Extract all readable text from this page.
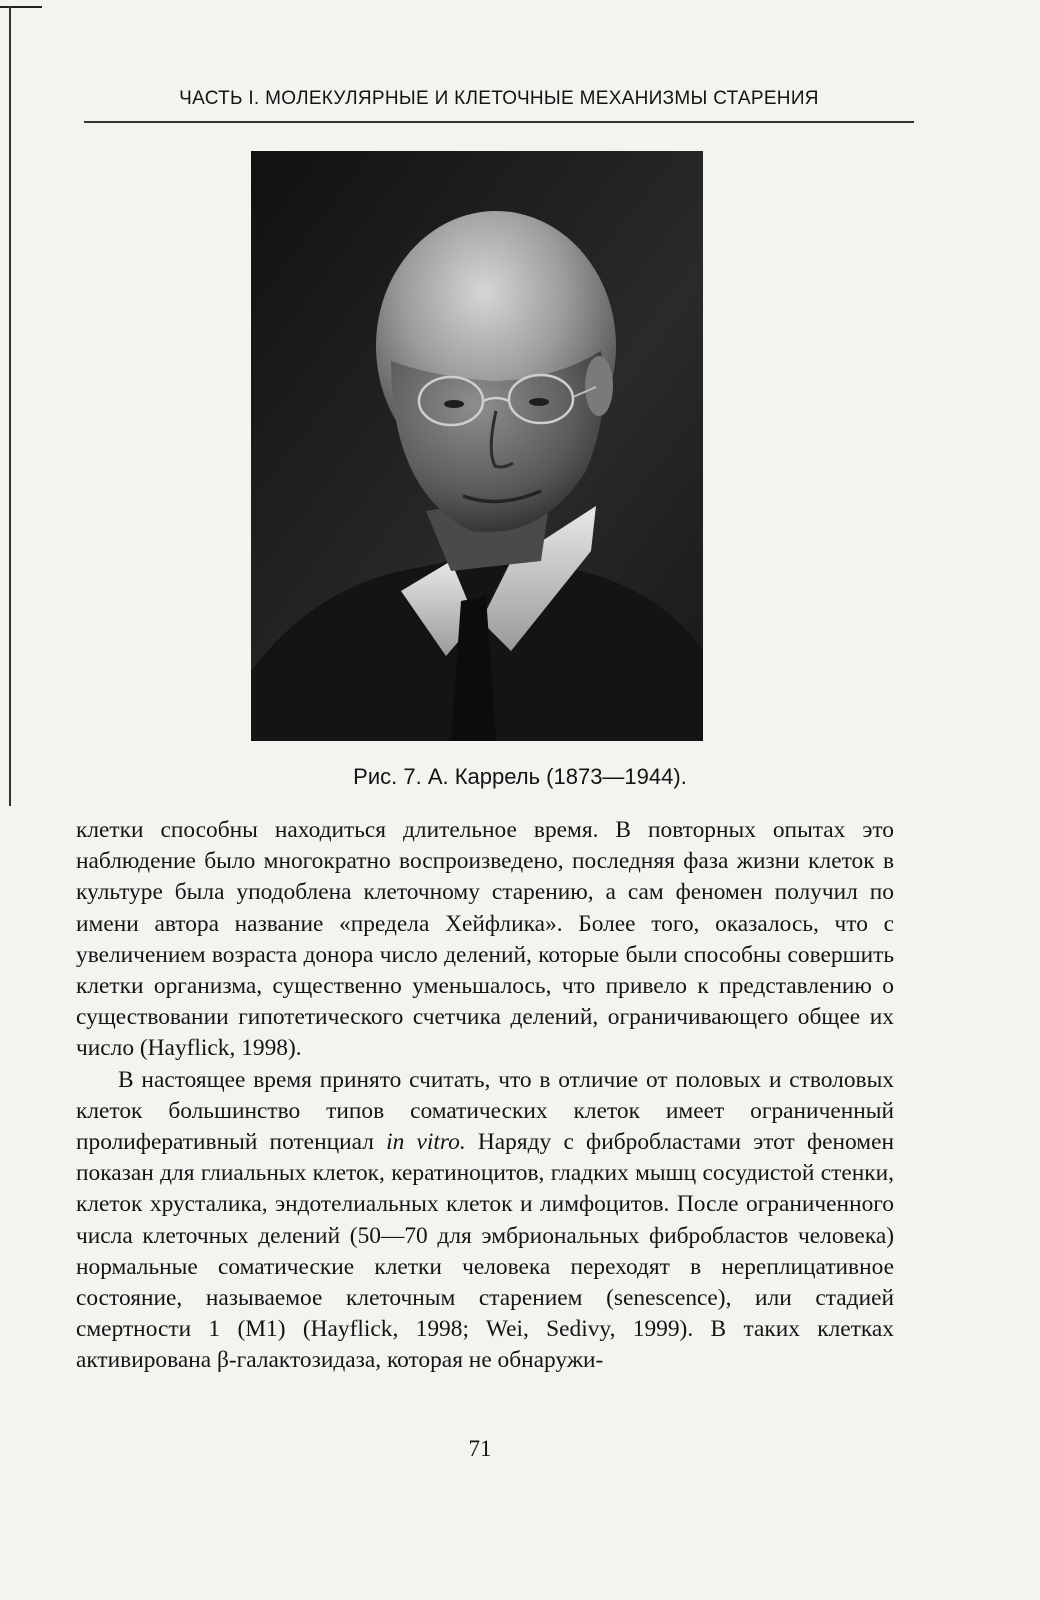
ЧАСТЬ I. МОЛЕКУЛЯРНЫЕ И КЛЕТОЧНЫЕ МЕХАНИЗМЫ СТАРЕНИЯ
Рис. 7. А. Каррель (1873—1944).

клетки способны находиться длительное время. В повторных опытах это наблюдение было многократно воспроизведено, последняя фаза жизни клеток в культуре была уподоблена клеточному старению, а сам феномен получил по имени автора название «предела Хейфлика». Более того, оказалось, что с увеличением возраста донора число делений, которые были способны совершить клетки организма, существенно уменьшалось, что привело к представлению о существовании гипотетического счетчика делений, ограничивающего общее их число (Hayflick, 1998).

В настоящее время принято считать, что в отличие от половых и стволовых клеток большинство типов соматических клеток имеет ограниченный пролиферативный потенциал in vitro. Наряду с фибробластами этот феномен показан для глиальных клеток, кератиноцитов, гладких мышц сосудистой стенки, клеток хрусталика, эндотелиальных клеток и лимфоцитов. После ограниченного числа клеточных делений (50—70 для эмбриональных фибробластов человека) нормальные соматические клетки человека переходят в нереплицативное состояние, называемое клеточным старением (senescence), или стадией смертности 1 (M1) (Hayflick, 1998; Wei, Sedivy, 1999). В таких клетках активирована β-галактозидаза, которая не обнаружи-

71
